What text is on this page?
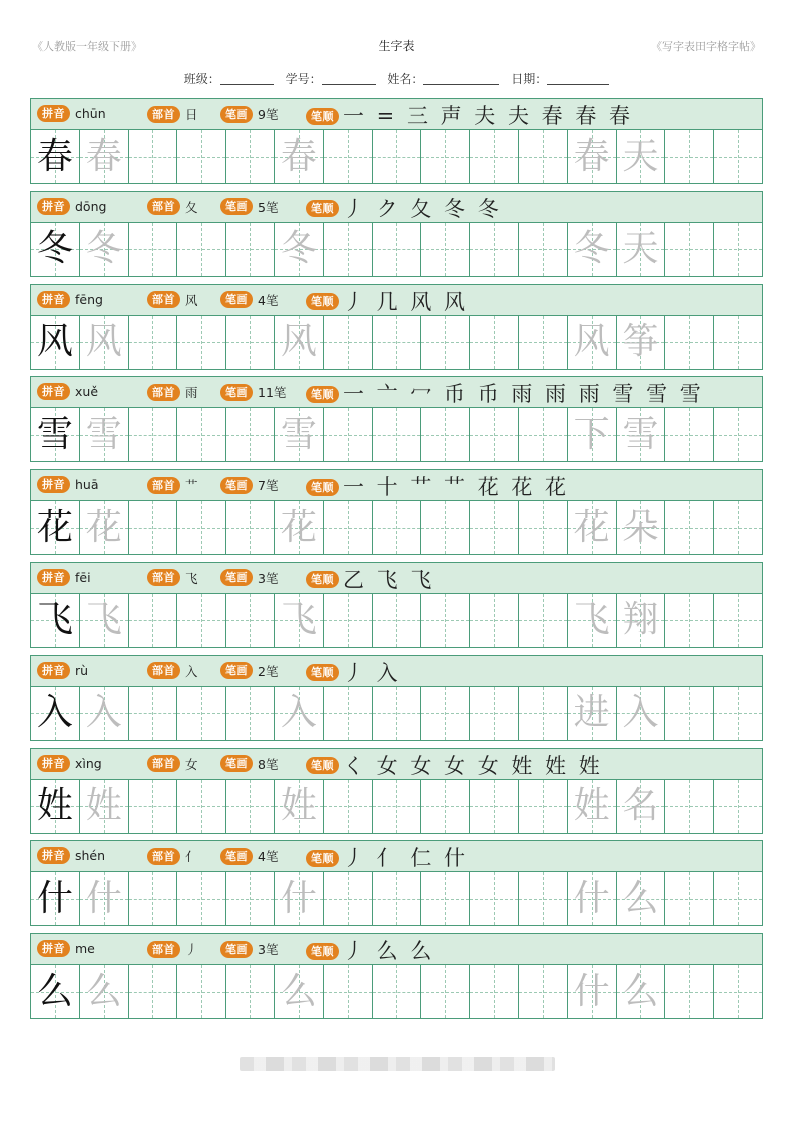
《人教版一年级下册》	生字表	《写字表田字格字帖》
班级：	学号：	姓名：	日期：
拼音 chūn	部首 日	笔画 9笔	笔顺 一 = 三 声 夫 夫 春 春 春
春 春	春	春 天
拼音 dōng	部首 夂	笔画 5笔	笔顺 丿 ク 夂 冬 冬
冬 冬	冬	冬 天
拼音 fēng	部首 风	笔画 4笔	笔顺 丿 几 风 风
风 风	风	风 筝
拼音 xuě	部首 雨	笔画 11笔	笔顺 一 亠 冖 币 币 雨 雨 雨 雪 雪 雪
雪 雪	雪	下 雪
拼音 huā	部首 艹	笔画 7笔	笔顺 一 十 艹 艹 花 花 花
花 花	花	花 朵
拼音 fēi	部首 飞	笔画 3笔	笔顺 乙 飞 飞
飞 飞	飞	飞 翔
拼音 rù	部首 入	笔画 2笔	笔顺 丿 入
入 入	入	进 入
拼音 xìng	部首 女	笔画 8笔	笔顺 く 女 女 女 女 姓 姓 姓
姓 姓	姓	姓 名
拼音 shén	部首 亻	笔画 4笔	笔顺 丿 亻 仁 什
什 什	什	什 么
拼音 me	部首 丿	笔画 3笔	笔顺 丿 么 么
么 么	么	什 么
